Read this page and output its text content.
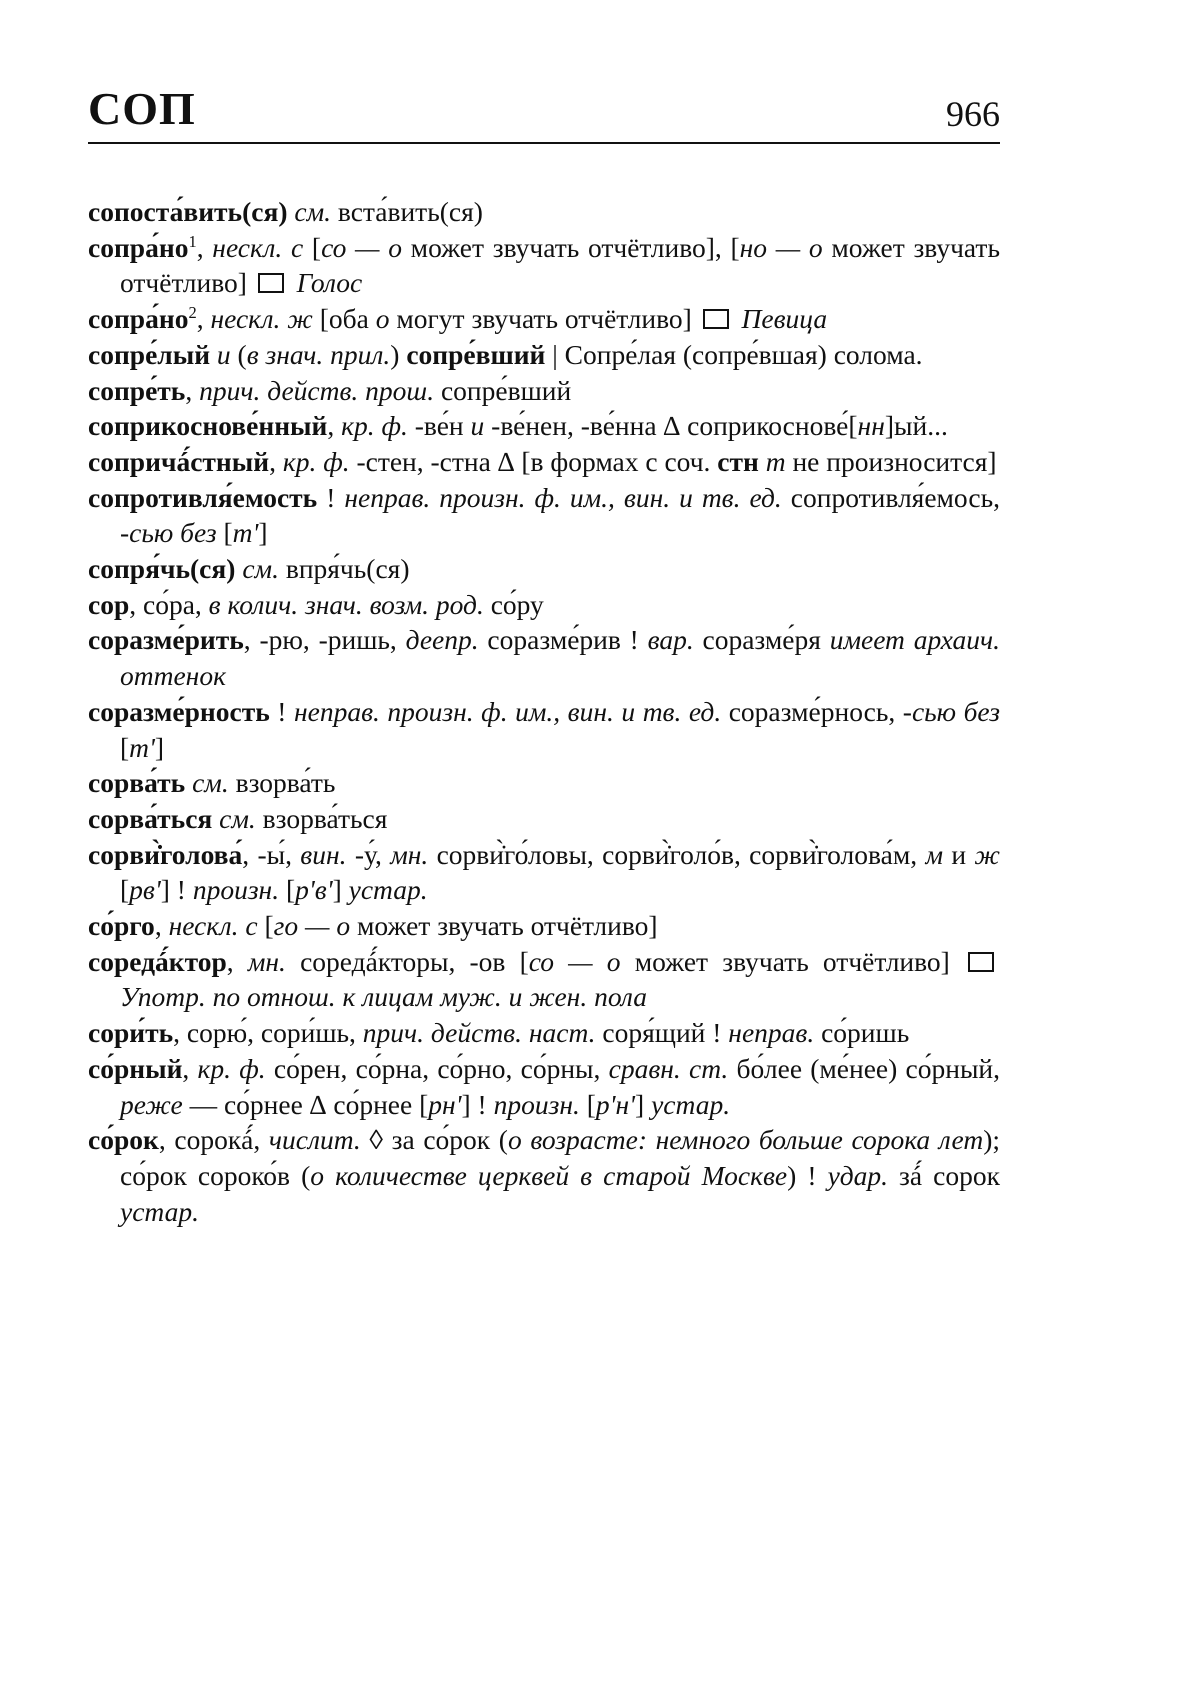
СОП	966

сопоста́вить(ся) см. вста́вить(ся)

$сопра́но^1$, нескл. с [со — о может звучать отчётливо], [но — о может звучать отчётливо]  Голос

$сопра́но^2$, нескл. ж [оба о могут звучать отчётливо]  Певица

сопре́лый и (в знач. прил.) сопре́вший | Сопре́лая (сопре́вшая) солома.

сопре́ть, прич. действ. прош. сопре́вший

соприкоснове́нный, кр. ф. -ве́н и -ве́нен, -ве́нна ∆ соприкоснове́[нн]ый...

сопричá́стный, кр. ф. -стен, -стна ∆ [в формах с соч. стн т не произносится]

сопротивля́емость ! неправ. произн. ф. им., вин. и тв. ед. сопротивля́емось, -сью без [тʹ]

сопря́чь(ся) см. впря́чь(ся)

сор, со́ра, в колич. знач. возм. род. со́ру

соразме́рить, -рю, -ришь, деепр. соразме́рив ! вар. соразме́ря имеет архаич. оттенок

соразме́рность ! неправ. произн. ф. им., вин. и тв. ед. соразме́рнось, -сью без [тʹ]

сорва́ть см. взорва́ть

сорва́ться см. взорва́ться

сорви̇̀голова́, -ы́, вин. -у́, мн. сорви̇̀го́ловы, сорви̇̀голо́в, сорви̇̀голова́м, м и ж [рвʹ] ! произн. [рʹвʹ] устар.

со́рго, нескл. с [го — о может звучать отчётливо]

соредá́ктор, мн. соредá́кторы, -ов [со — о может звучать отчётливо]  Употр. по отнош. к лицам муж. и жен. пола

сори́ть, сорю́, сори́шь, прич. действ. наст. соря́щий ! неправ. со́ришь

со́рный, кр. ф. со́рен, со́рна, со́рно, со́рны, сравн. ст. бо́лее (ме́нее) со́рный, реже — со́рнее ∆ со́рнее [рнʹ] ! произн. [рʹнʹ] устар.

со́рок, сорокá́, числит. ◊ за со́рок (о возрасте: немного больше сорока лет); со́рок сороко́в (о количестве церквей в старой Москве) ! удар. зá́ сорок устар.
